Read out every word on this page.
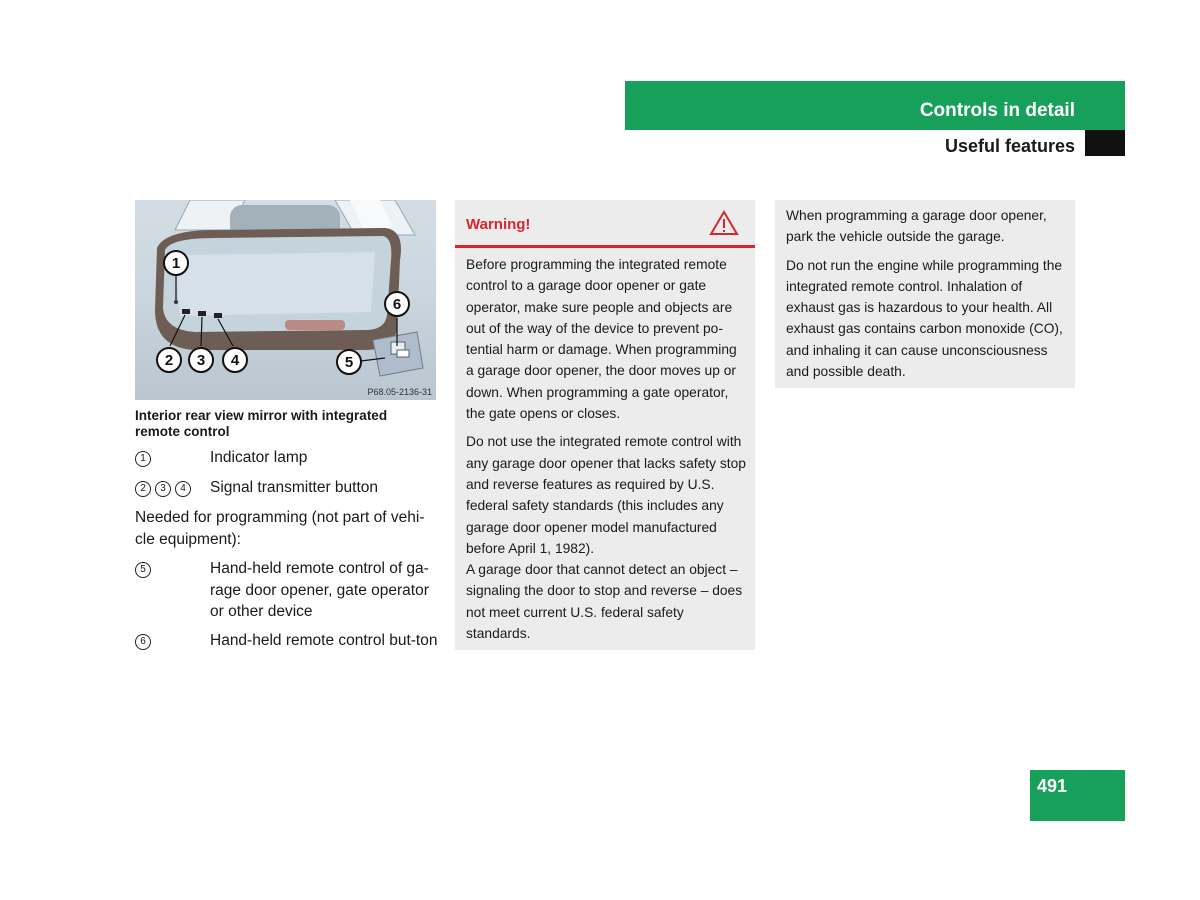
Controls in detail
Useful features
1
2 3 4	5
6
P68.05-2136-31
Interior rear view mirror with integrated remote control
1	Indicator lamp
2 3 4	Signal transmitter button
Needed for programming (not part of vehi-cle equipment):
5	Hand-held remote control of ga-rage door opener, gate operator or other device
6	Hand-held remote control but-ton
Warning!

Before programming the integrated remote control to a garage door opener or gate operator, make sure people and objects are out of the way of the device to prevent po-tential harm or damage. When programming a garage door opener, the door moves up or down. When programming a gate operator, the gate opens or closes.

Do not use the integrated remote control with any garage door opener that lacks safety stop and reverse features as required by U.S. federal safety standards (this includes any garage door opener model manufactured before April 1, 1982).

A garage door that cannot detect an object – signaling the door to stop and reverse – does not meet current U.S. federal safety standards.

When programming a garage door opener, park the vehicle outside the garage.

Do not run the engine while programming the integrated remote control. Inhalation of exhaust gas is hazardous to your health. All exhaust gas contains carbon monoxide (CO), and inhaling it can cause unconsciousness and possible death.

491
